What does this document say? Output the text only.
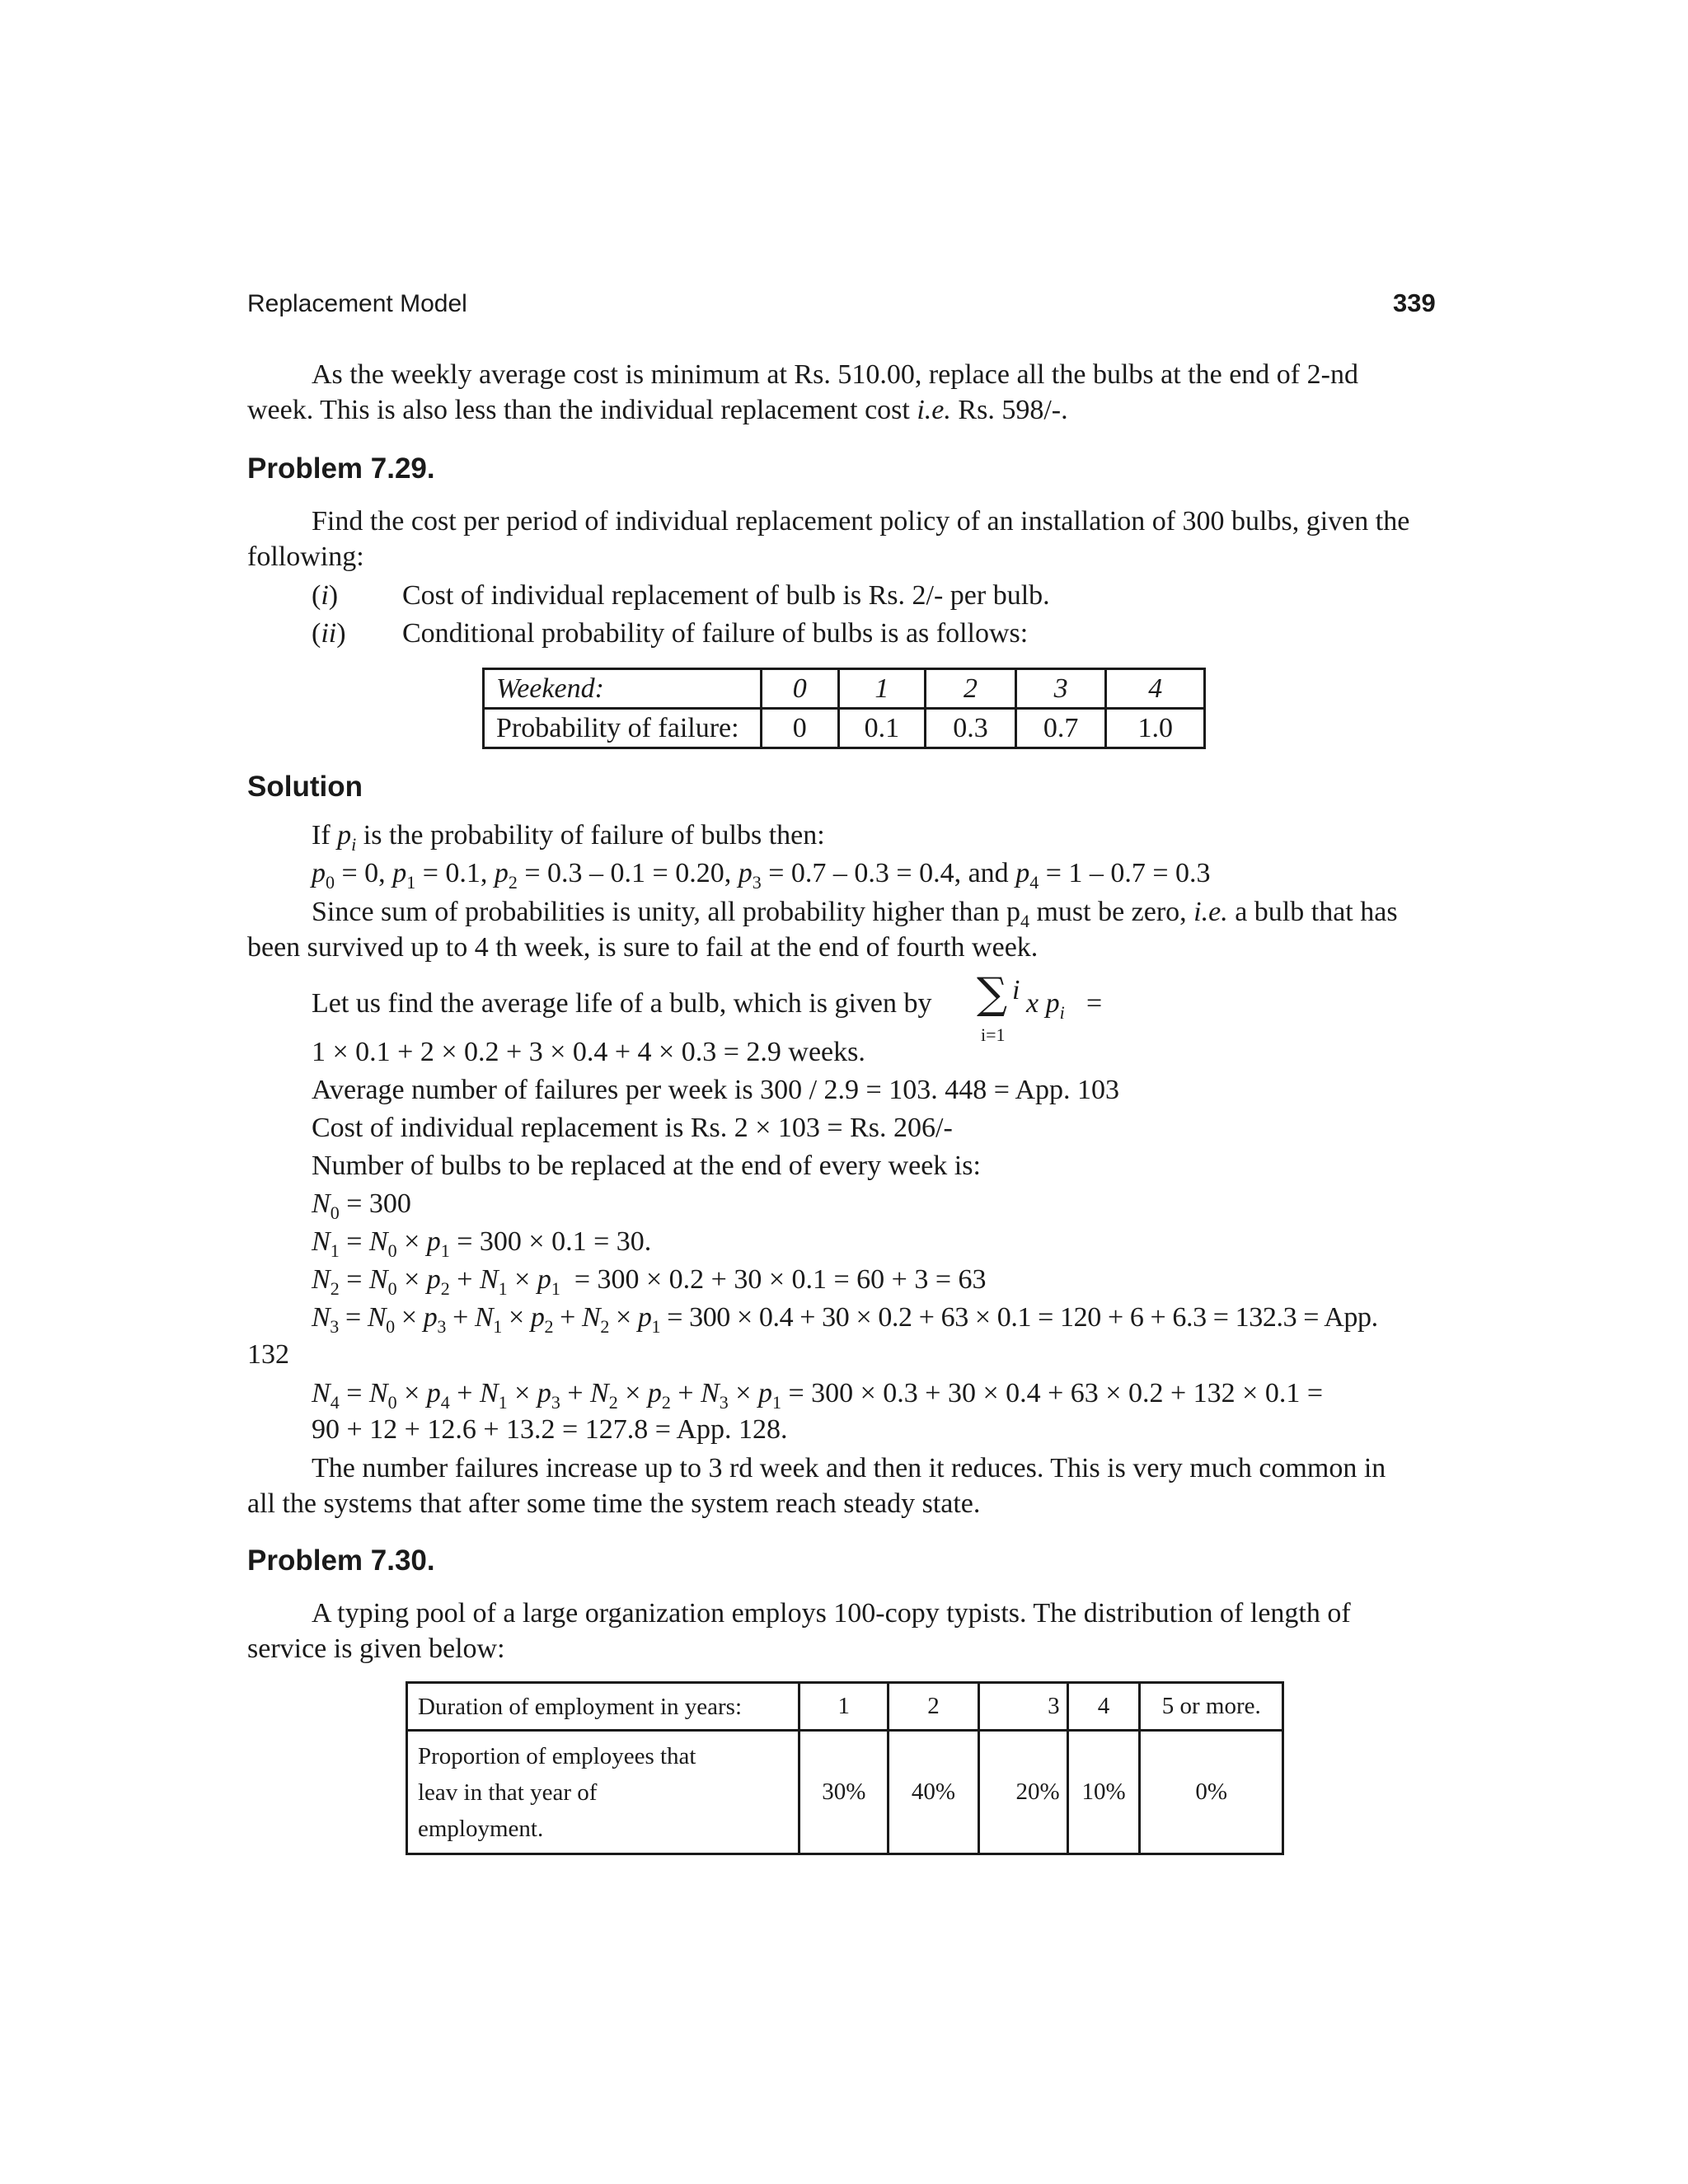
Replacement Model	339
As the weekly average cost is minimum at Rs. 510.00, replace all the bulbs at the end of 2-nd
week. This is also less than the individual replacement cost i.e. Rs. 598/-.
Problem 7.29.
Find the cost per period of individual replacement policy of an installation of 300 bulbs, given the
following:
(i) Cost of individual replacement of bulb is Rs. 2/- per bulb.
(ii) Conditional probability of failure of bulbs is as follows:
Weekend:	0	1	2	3	4
Probability of failure:	0	0.1	0.3	0.7	1.0
Solution
If $p_i$ is the probability of failure of bulbs then:
$p_0 = 0$, $p_1 = 0.1$, $p_2 = 0.3 - 0.1 = 0.20$, $p_3 = 0.7 - 0.3 = 0.4$, and $p_4 = 1 - 0.7 = 0.3$
Since sum of probabilities is unity, all probability higher than $p_4$ must be zero, i.e. a bulb that has
been survived up to 4 th week, is sure to fail at the end of fourth week.
Let us find the average life of a bulb, which is given by ∑ i
i=1
x $p_i$ =
1 × 0.1 + 2 × 0.2 + 3 × 0.4 + 4 × 0.3 = 2.9 weeks.
Average number of failures per week is 300 / 2.9 = 103. 448 = App. 103
Cost of individual replacement is Rs. 2 × 103 = Rs. 206/-
Number of bulbs to be replaced at the end of every week is:
$N_0 = 300$
$N_1 = N_0 \times p_1 = 300 \times 0.1 = 30$.
$N_2 = N_0 \times p_2 + N_1 \times p_1 = 300 \times 0.2 + 30 \times 0.1 = 60 + 3 = 63$
$N_3 = N_0 \times p_3 + N_1 \times p_2 + N_2 \times p_1 = 300 \times 0.4 + 30 \times 0.2 + 63 \times 0.1 = 120 + 6 + 6.3 = 132.3$ = App.
132
$N_4 = N_0 \times p_4 + N_1 \times p_3 + N_2 \times p_2 + N_3 \times p_1 = 300 \times 0.3 + 30 \times 0.4 + 63 \times 0.2 + 132 \times 0.1$ =
90 + 12 + 12.6 + 13.2 = 127.8 = App. 128.
The number failures increase up to 3 rd week and then it reduces. This is very much common in
all the systems that after some time the system reach steady state.
Problem 7.30.
A typing pool of a large organization employs 100-copy typists. The distribution of length of
service is given below:
Duration of employment in years:	1	2	3	4	5 or more.

Proportion of employees that
leav in that year of
employment.	30%	40%	20%	10%	0%
